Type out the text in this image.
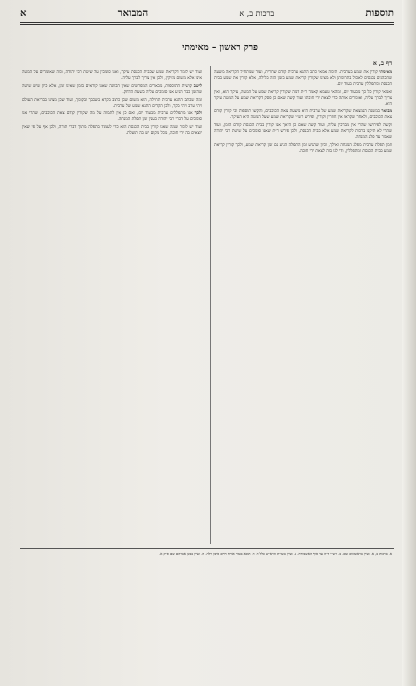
תוספות
ברכות ב, א
המבואר
א
פרק ראשון – מאימתי
דף ב, א

מאימתי קורין את שמע בערבית. תימה אמאי כתב התנא ערבית קודם שחרית, ועוד שמתחיל הקריאה משעה שהכהנים נכנסים לאכול בתרומתן ולא מצינו שקורין קריאת שמע בזמן הזה בלילה, אלא קורין את שמע בבית הכנסת ומתפללין ערבית בעוד יום.

ואמאי קורין כל כך מבעוד יום, ומהאי טעמא קאמר ר״ת דמה שקורין קריאת שמע על המטה, עיקר הוא, ואין צריך לברך עליה, ואומרים אותה כדי לצאת ידי חובתו ועוד קשה שאם כן פסק דקריאת שמע על המטה עיקר היא.

מבואר במשנה הנמצאת שקריאת שמע של ערבית היא משעת צאת הכוכבים, והקשו תוספות וכי קורין קודם צאת הכוכבים, ולאחר שקראו אין חוזרין וקורין, ופירש רש״י שקריאת שמע שעל המטה היא העיקר.

וקשה לפירושו שהרי אין מברכין עליה, ועוד קשה שאם כן היאך אנו קורין בבית הכנסת קודם הזמן, ועוד שהרי לא תיקנו ברכות לקריאת שמע אלא בבית הכנסת, ולכן פירש ר״ת שאנו סומכים על שיטת רבי יהודה שאמר עד פלג המנחה.

וזמן תפלת ערבית מפלג המנחה ואילך, וכיון שהגיע זמן התפלה הגיע גם זמן קריאת שמע, ולכך קורין קריאת שמע בבית הכנסת ומתפללין, ודי לנו בזה לצאת ידי חובה.

ועוד יש לומר דקריאת שמע שבבית הכנסת עיקר, ואנו סומכין על שיטת רבי יהודה, ומה שאומרים על המטה אינו אלא משום מזיקין, ולכן אין צריך לברך עליה.

לישב קושית התוספות, מבארים המפרשים שאין הכוונה שאנו קוראים בזמן שאינו זמן, אלא כיון שיש שיטה שהזמן כבר הגיע אנו סומכים עליה בשעת הדחק.

ומה שכתב התנא ערבית תחילה, הוא משום שכן כתוב בקרא בשכבך ובקומך, ועוד שכן מצינו בבריאת העולם ויהי ערב ויהי בקר, ולכן הקדים התנא שמע של ערבית.

ולכך אנו מתפללים ערבית מבעוד יום, ואם כן אין לתמוה על מה שקורין קודם צאת הכוכבים, שהרי אנו סומכים על דברי רבי יהודה בענין זמן תפלת המנחה.

ועוד יש לומר שמה שאנו קורין בבית הכנסת הוא כדי לעמוד בתפלה מתוך דברי תורה, ולכן אף על פי שאין יוצאים בה ידי חובה, מכל מקום יש בה תועלת.

א. ברכות ב, א. ועיין בראשונים שם. ב. רש״י ד״ה עד סוף האשמורה. ג. ועיין בשו״ת הרא״ש כלל ד. ד. הובא בטור אורח חיים סימן רלה. ה. ועיין במגן אברהם שם ס״ק א.
